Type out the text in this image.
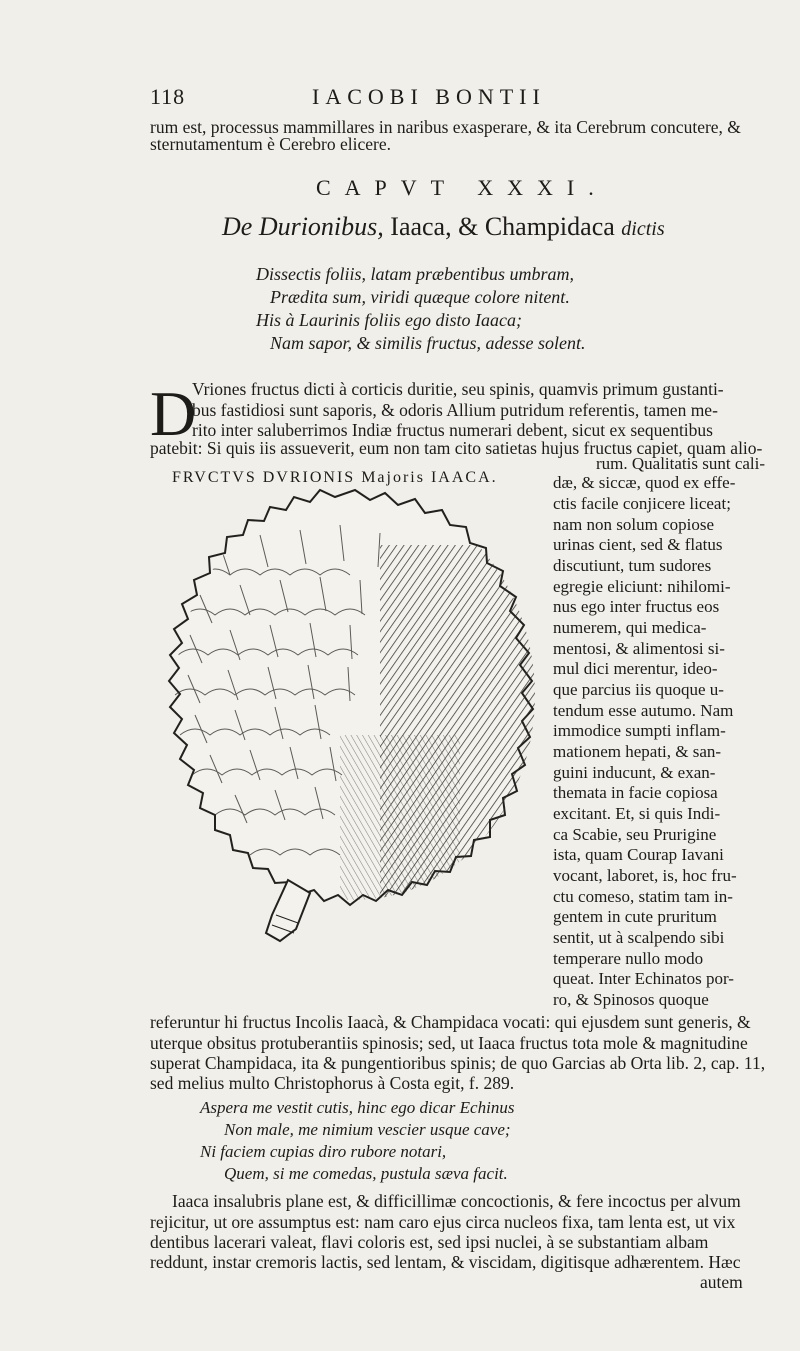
118	IACOBI BONTII
rum est, processus mammillares in naribus exasperare, & ita Cerebrum concutere, &
sternutamentum è Cerebro elicere.
CAPVT XXXI.
De Durionibus, Iaaca, & Champidaca dictis
Dissectis foliis, latam præbentibus umbram,
Prædita sum, viridi quæque colore nitent.
His à Laurinis foliis ego disto Iaaca;
Nam sapor, & similis fructus, adesse solent.
D
Vriones fructus dicti à corticis duritie, seu spinis, quamvis primum gustanti-
bus fastidiosi sunt saporis, & odoris Allium putridum referentis, tamen me-
rito inter saluberrimos Indiæ fructus numerari debent, sicut ex sequentibus
patebit: Si quis iis assueverit, eum non tam cito satietas hujus fructus capiet, quam alio-
FRVCTVS DVRIONIS Majoris IAACA.
rum. Qualitatis sunt cali-
dæ, & siccæ, quod ex effe-
ctis facile conjicere liceat;
nam non solum copiose
urinas cient, sed & flatus
discutiunt, tum sudores
egregie eliciunt: nihilomi-
nus ego inter fructus eos
numerem, qui medica-
mentosi, & alimentosi si-
mul dici merentur, ideo-
que parcius iis quoque u-
tendum esse autumo. Nam
immodice sumpti inflam-
mationem hepati, & san-
guini inducunt, & exan-
themata in facie copiosa
excitant. Et, si quis Indi-
ca Scabie, seu Prurigine
ista, quam Courap Iavani
vocant, laboret, is, hoc fru-
ctu comeso, statim tam in-
gentem in cute pruritum
sentit, ut à scalpendo sibi
temperare nullo modo
queat. Inter Echinatos por-
ro, & Spinosos quoque
referuntur hi fructus Incolis Iaacà, & Champidaca vocati: qui ejusdem sunt generis, &
uterque obsitus protuberantiis spinosis; sed, ut Iaaca fructus tota mole & magnitudine
superat Champidaca, ita & pungentioribus spinis; de quo Garcias ab Orta lib. 2, cap. 11,
sed melius multo Christophorus à Costa egit, f. 289.
Aspera me vestit cutis, hinc ego dicar Echinus
Non male, me nimium vescier usque cave;
Ni faciem cupias diro rubore notari,
Quem, si me comedas, pustula sæva facit.
Iaaca insalubris plane est, & difficillimæ concoctionis, & fere incoctus per alvum
rejicitur, ut ore assumptus est: nam caro ejus circa nucleos fixa, tam lenta est, ut vix
dentibus lacerari valeat, flavi coloris est, sed ipsi nuclei, à se substantiam albam
reddunt, instar cremoris lactis, sed lentam, & viscidam, digitisque adhærentem. Hæc
autem
